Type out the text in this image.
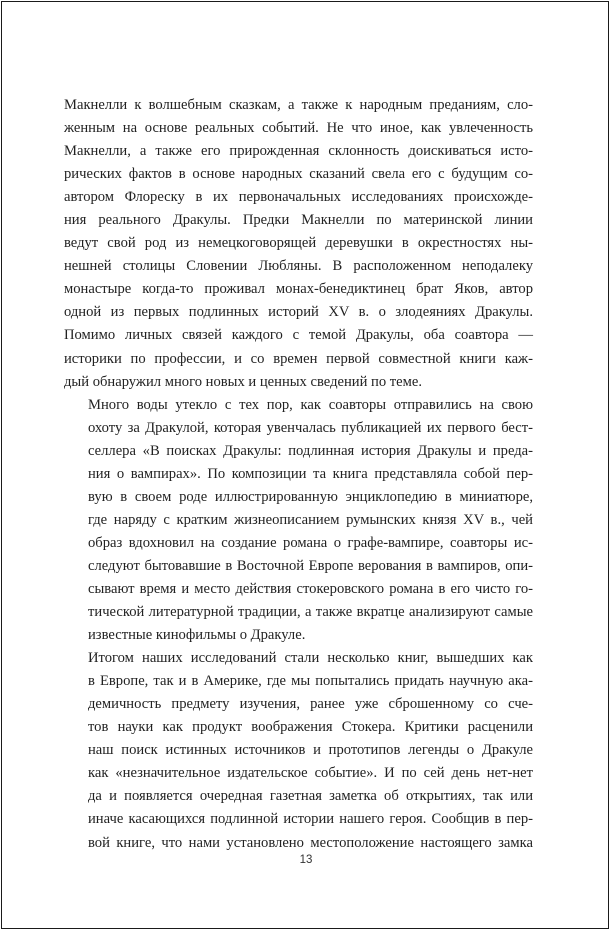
Макнелли к волшебным сказкам, а также к народным преданиям, сло-
женным на основе реальных событий. Не что иное, как увлеченность
Макнелли, а также его прирожденная склонность доискиваться исто-
рических фактов в основе народных сказаний свела его с будущим со-
автором Флореску в их первоначальных исследованиях происхожде-
ния реального Дракулы. Предки Макнелли по материнской линии
ведут свой род из немецкоговорящей деревушки в окрестностях ны-
нешней столицы Словении Любляны. В расположенном неподалеку
монастыре когда-то проживал монах-бенедиктинец брат Яков, автор
одной из первых подлинных историй XV в. о злодеяниях Дракулы.
Помимо личных связей каждого с темой Дракулы, оба соавтора —
историки по профессии, и со времен первой совместной книги каж-
дый обнаружил много новых и ценных сведений по теме.

Много воды утекло с тех пор, как соавторы отправились на свою
охоту за Дракулой, которая увенчалась публикацией их первого бест-
селлера «В поисках Дракулы: подлинная история Дракулы и преда-
ния о вампирах». По композиции та книга представляла собой пер-
вую в своем роде иллюстрированную энциклопедию в миниатюре,
где наряду с кратким жизнеописанием румынских князя XV в., чей
образ вдохновил на создание романа о графе-вампире, соавторы ис-
следуют бытовавшие в Восточной Европе верования в вампиров, опи-
сывают время и место действия стокеровского романа в его чисто го-
тической литературной традиции, а также вкратце анализируют самые
известные кинофильмы о Дракуле.

Итогом наших исследований стали несколько книг, вышедших как
в Европе, так и в Америке, где мы попытались придать научную ака-
демичность предмету изучения, ранее уже сброшенному со сче-
тов науки как продукт воображения Стокера. Критики расценили
наш поиск истинных источников и прототипов легенды о Дракуле
как «незначительное издательское событие». И по сей день нет-нет
да и появляется очередная газетная заметка об открытиях, так или
иначе касающихся подлинной истории нашего героя. Сообщив в пер-
вой книге, что нами установлено местоположение настоящего замка

13
